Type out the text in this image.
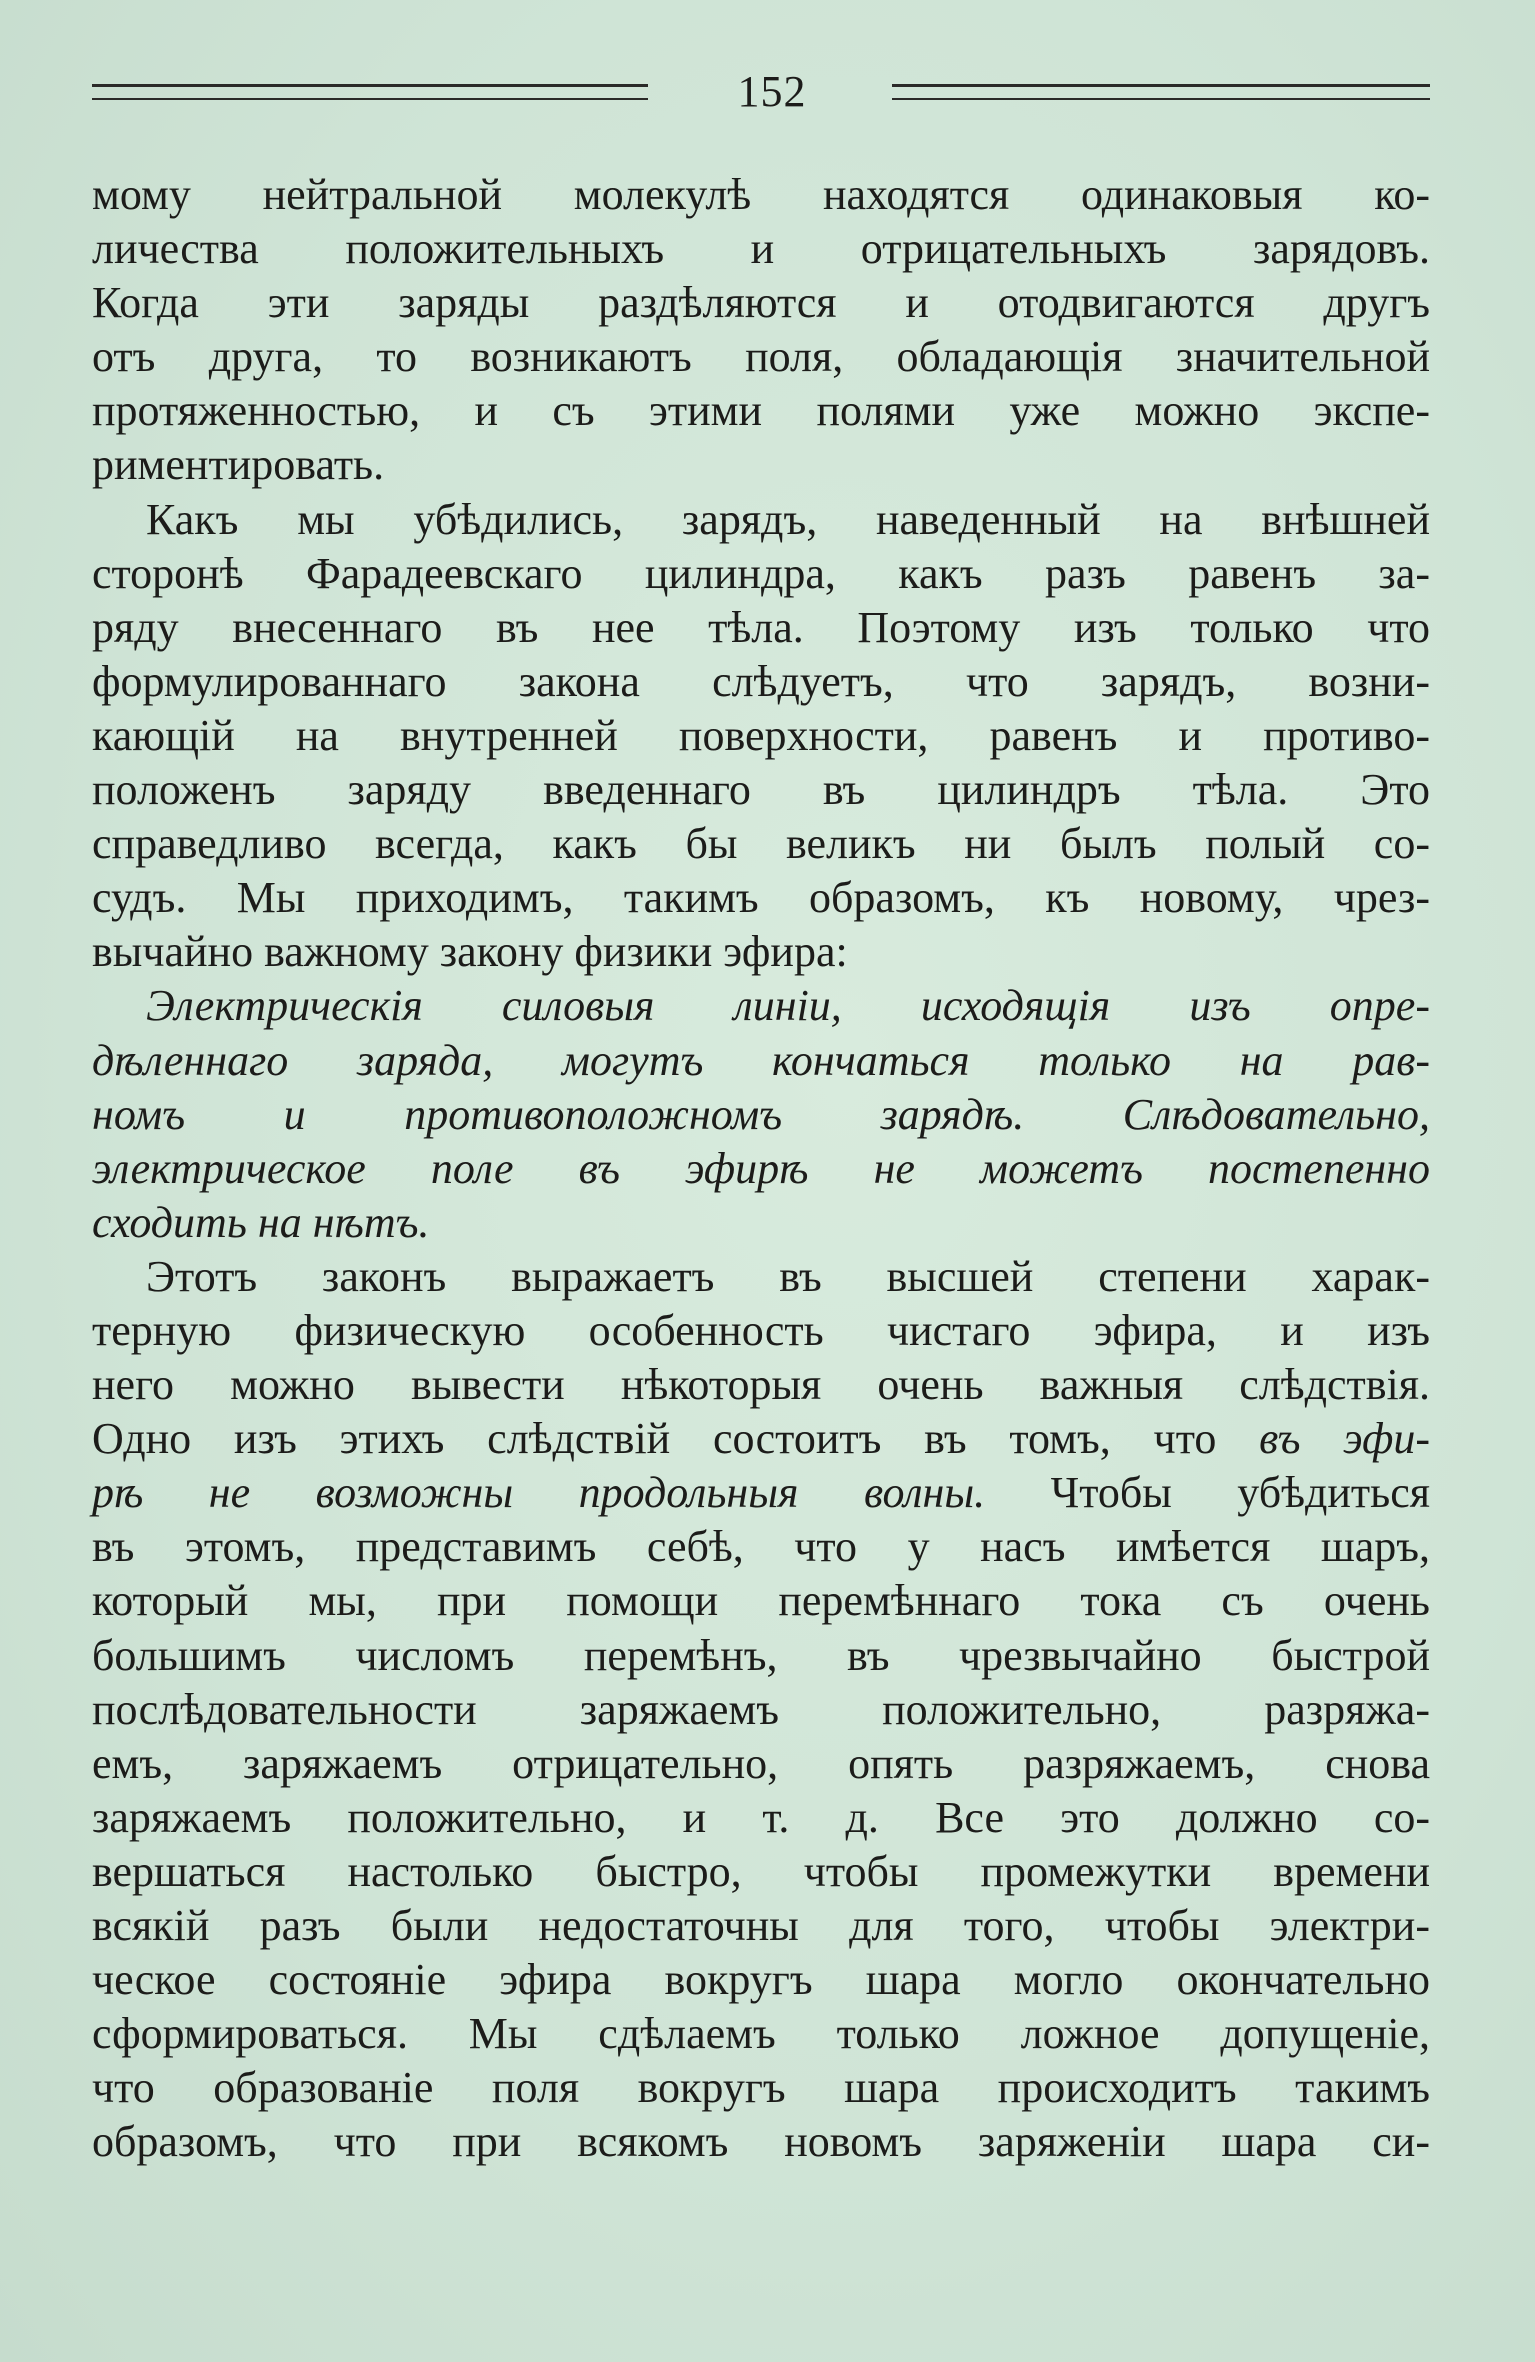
152
мому нейтральной молекулѣ находятся одинаковыя ко-
личества положительныхъ и отрицательныхъ зарядовъ.
Когда эти заряды раздѣляются и отодвигаются другъ
отъ друга, то возникаютъ поля, обладающія значительной
протяженностью, и съ этими полями уже можно экспе-
риментировать.
Какъ мы убѣдились, зарядъ, наведенный на внѣшней
сторонѣ Фарадеевскаго цилиндра, какъ разъ равенъ за-
ряду внесеннаго въ нее тѣла. Поэтому изъ только что
формулированнаго закона слѣдуетъ, что зарядъ, возни-
кающій на внутренней поверхности, равенъ и противо-
положенъ заряду введеннаго въ цилиндръ тѣла. Это
справедливо всегда, какъ бы великъ ни былъ полый со-
судъ. Мы приходимъ, такимъ образомъ, къ новому, чрез-
вычайно важному закону физики эфира:
Электрическія силовыя линіи, исходящія изъ опре-
дѣленнаго заряда, могутъ кончаться только на рав-
номъ и противоположномъ зарядѣ. Слѣдовательно,
электрическое поле въ эфирѣ не можетъ постепенно
сходить на нѣтъ.
Этотъ законъ выражаетъ въ высшей степени харак-
терную физическую особенность чистаго эфира, и изъ
него можно вывести нѣкоторыя очень важныя слѣдствія.
Одно изъ этихъ слѣдствій состоитъ въ томъ, что въ эфи-
рѣ не возможны продольныя волны. Чтобы убѣдиться
въ этомъ, представимъ себѣ, что у насъ имѣется шаръ,
который мы, при помощи перемѣннаго тока съ очень
большимъ числомъ перемѣнъ, въ чрезвычайно быстрой
послѣдовательности заряжаемъ положительно, разряжа-
емъ, заряжаемъ отрицательно, опять разряжаемъ, снова
заряжаемъ положительно, и т. д. Все это должно со-
вершаться настолько быстро, чтобы промежутки времени
всякій разъ были недостаточны для того, чтобы электри-
ческое состояніе эфира вокругъ шара могло окончательно
сформироваться. Мы сдѣлаемъ только ложное допущеніе,
что образованіе поля вокругъ шара происходитъ такимъ
образомъ, что при всякомъ новомъ заряженіи шара си-
